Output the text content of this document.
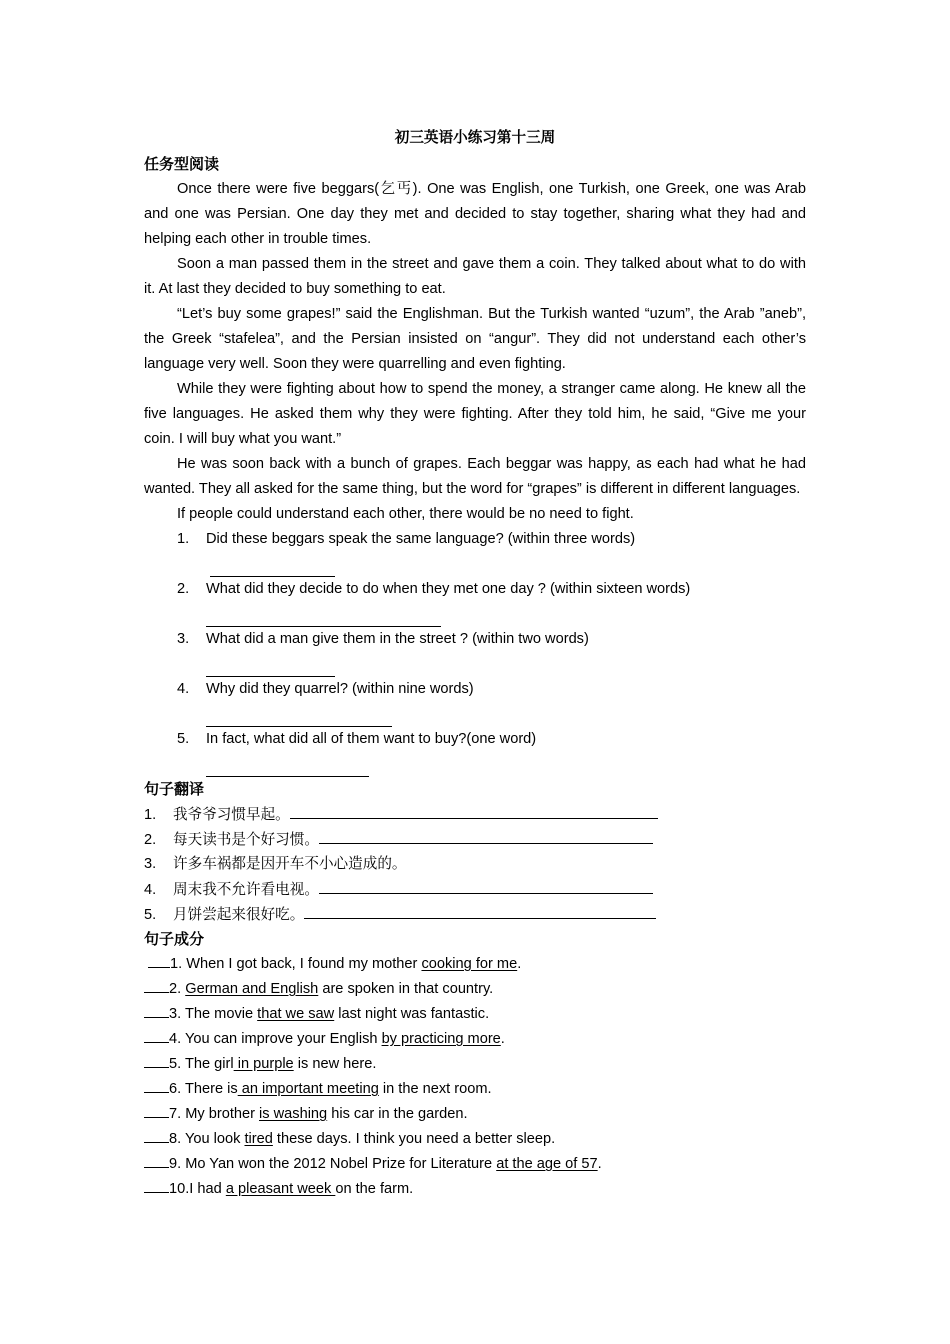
初三英语小练习第十三周
任务型阅读

Once there were five beggars(乞丐). One was English, one Turkish, one Greek, one was Arab and one was Persian. One day they met and decided to stay together, sharing what they had and helping each other in trouble times.

Soon a man passed them in the street and gave them a coin. They talked about what to do with it. At last they decided to buy something to eat.

“Let’s buy some grapes!” said the Englishman. But the Turkish wanted “uzum”, the Arab ”aneb”, the Greek “stafelea”, and the Persian insisted on “angur”. They did not understand each other’s language very well. Soon they were quarrelling and even fighting.

While they were fighting about how to spend the money, a stranger came along. He knew all the five languages. He asked them why they were fighting. After they told him, he said, “Give me your coin. I will buy what you want.”

He was soon back with a bunch of grapes. Each beggar was happy, as each had what he had wanted. They all asked for the same thing, but the word for “grapes” is different in different languages.

If people could understand each other, there would be no need to fight.

1. Did these beggars speak the same language? (within three words)
2. What did they decide to do when they met one day ? (within sixteen words)
3. What did a man give them in the street ? (within two words)
4. Why did they quarrel? (within nine words)
5. In fact, what did all of them want to buy?(one word)
句子翻译
1. 我爷爷习惯早起。
2. 每天读书是个好习惯。
3. 许多车祸都是因开车不小心造成的。
4. 周末我不允许看电视。
5. 月饼尝起来很好吃。
句子成分
1. When I got back, I found my mother cooking for me.
2. German and English are spoken in that country.
3. The movie that we saw last night was fantastic.
4. You can improve your English by practicing more.
5. The girl in purple is new here.
6. There is an important meeting in the next room.
7. My brother is washing his car in the garden.
8. You look tired these days. I think you need a better sleep.
9. Mo Yan won the 2012 Nobel Prize for Literature at the age of 57.
10.I had a pleasant week on the farm.
